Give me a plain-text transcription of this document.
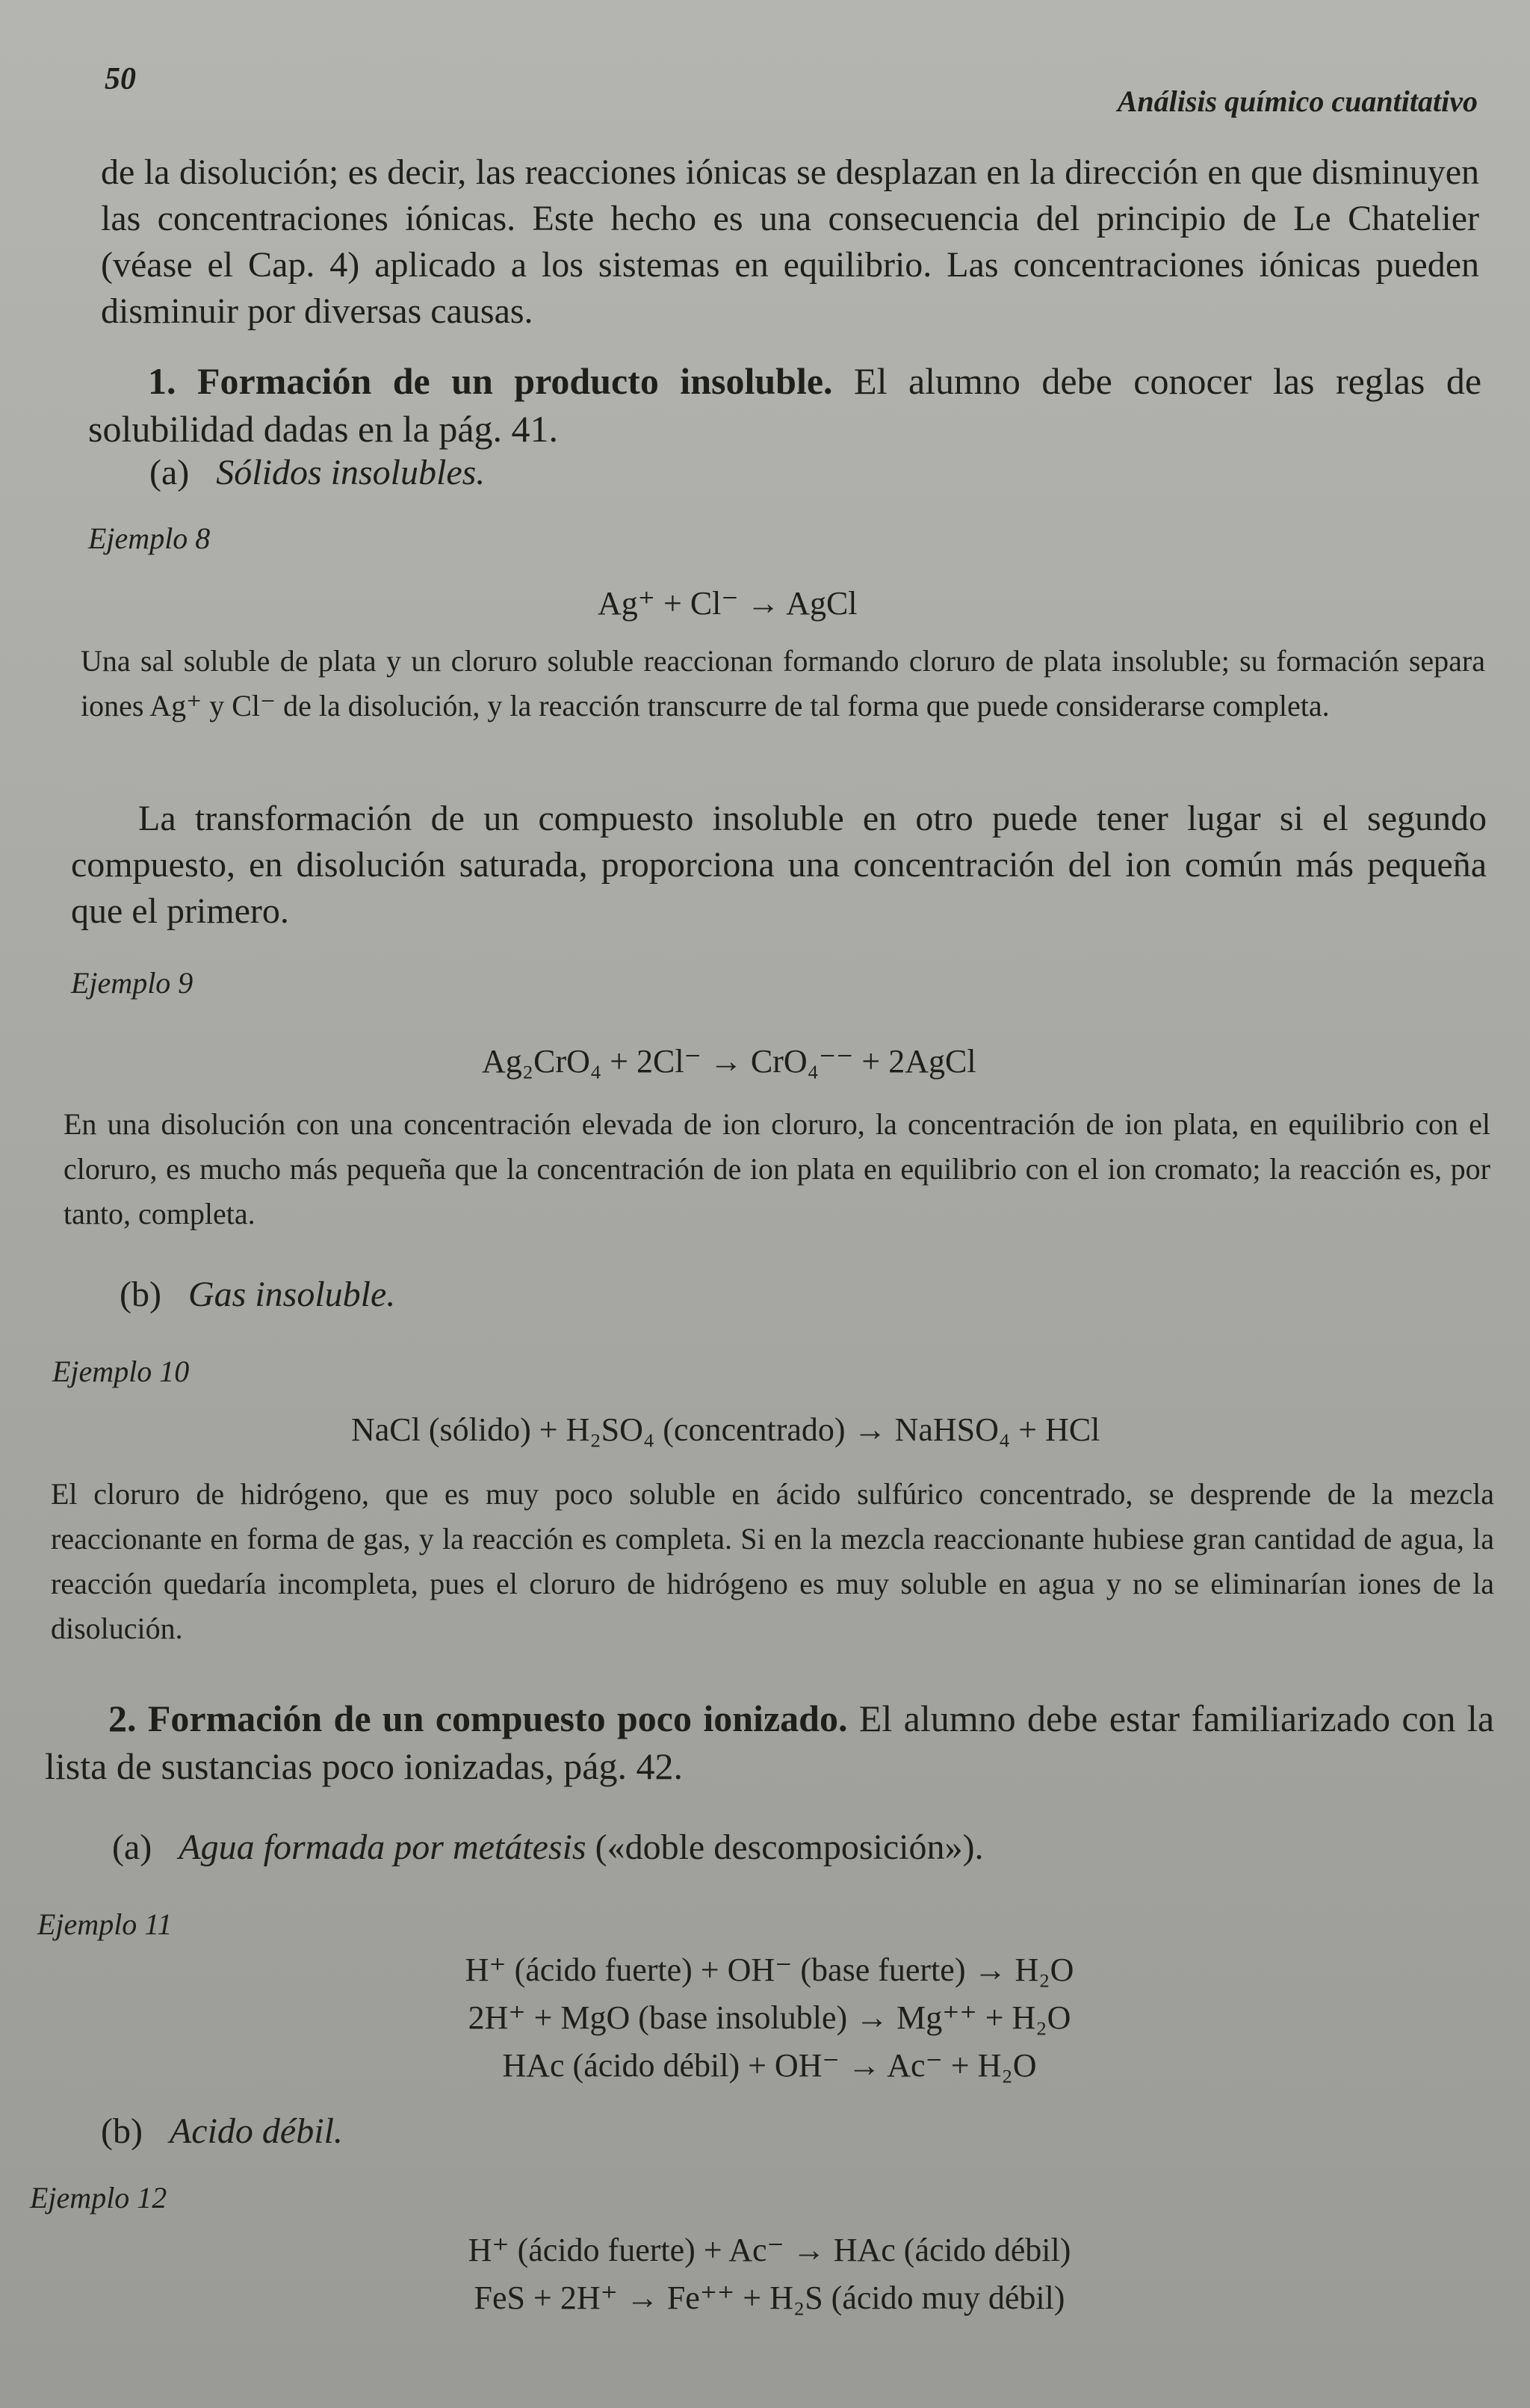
50
Análisis químico cuantitativo
de la disolución; es decir, las reacciones iónicas se desplazan en la dirección en que disminuyen las concentraciones iónicas. Este hecho es una consecuencia del principio de Le Chatelier (véase el Cap. 4) aplicado a los sistemas en equilibrio. Las concentraciones iónicas pueden disminuir por diversas causas.
1. Formación de un producto insoluble. El alumno debe conocer las reglas de solubilidad dadas en la pág. 41.
(a) Sólidos insolubles.
Ejemplo 8
Ag⁺ + Cl⁻ → AgCl
Una sal soluble de plata y un cloruro soluble reaccionan formando cloruro de plata insoluble; su formación separa iones Ag⁺ y Cl⁻ de la disolución, y la reacción transcurre de tal forma que puede considerarse completa.
La transformación de un compuesto insoluble en otro puede tener lugar si el segundo compuesto, en disolución saturada, proporciona una concentración del ion común más pequeña que el primero.
Ejemplo 9
Ag₂CrO₄ + 2Cl⁻ → CrO₄⁻⁻ + 2AgCl
En una disolución con una concentración elevada de ion cloruro, la concentración de ion plata, en equilibrio con el cloruro, es mucho más pequeña que la concentración de ion plata en equilibrio con el ion cromato; la reacción es, por tanto, completa.
(b) Gas insoluble.
Ejemplo 10
NaCl (sólido) + H₂SO₄ (concentrado) → NaHSO₄ + HCl
El cloruro de hidrógeno, que es muy poco soluble en ácido sulfúrico concentrado, se desprende de la mezcla reaccionante en forma de gas, y la reacción es completa. Si en la mezcla reaccionante hubiese gran cantidad de agua, la reacción quedaría incompleta, pues el cloruro de hidrógeno es muy soluble en agua y no se eliminarían iones de la disolución.
2. Formación de un compuesto poco ionizado. El alumno debe estar familiarizado con la lista de sustancias poco ionizadas, pág. 42.
(a) Agua formada por metátesis («doble descomposición»).
Ejemplo 11
H⁺ (ácido fuerte) + OH⁻ (base fuerte) → H₂O
2H⁺ + MgO (base insoluble) → Mg⁺⁺ + H₂O
HAc (ácido débil) + OH⁻ → Ac⁻ + H₂O
(b) Acido débil.
Ejemplo 12
H⁺ (ácido fuerte) + Ac⁻ → HAc (ácido débil)
FeS + 2H⁺ → Fe⁺⁺ + H₂S (ácido muy débil)
